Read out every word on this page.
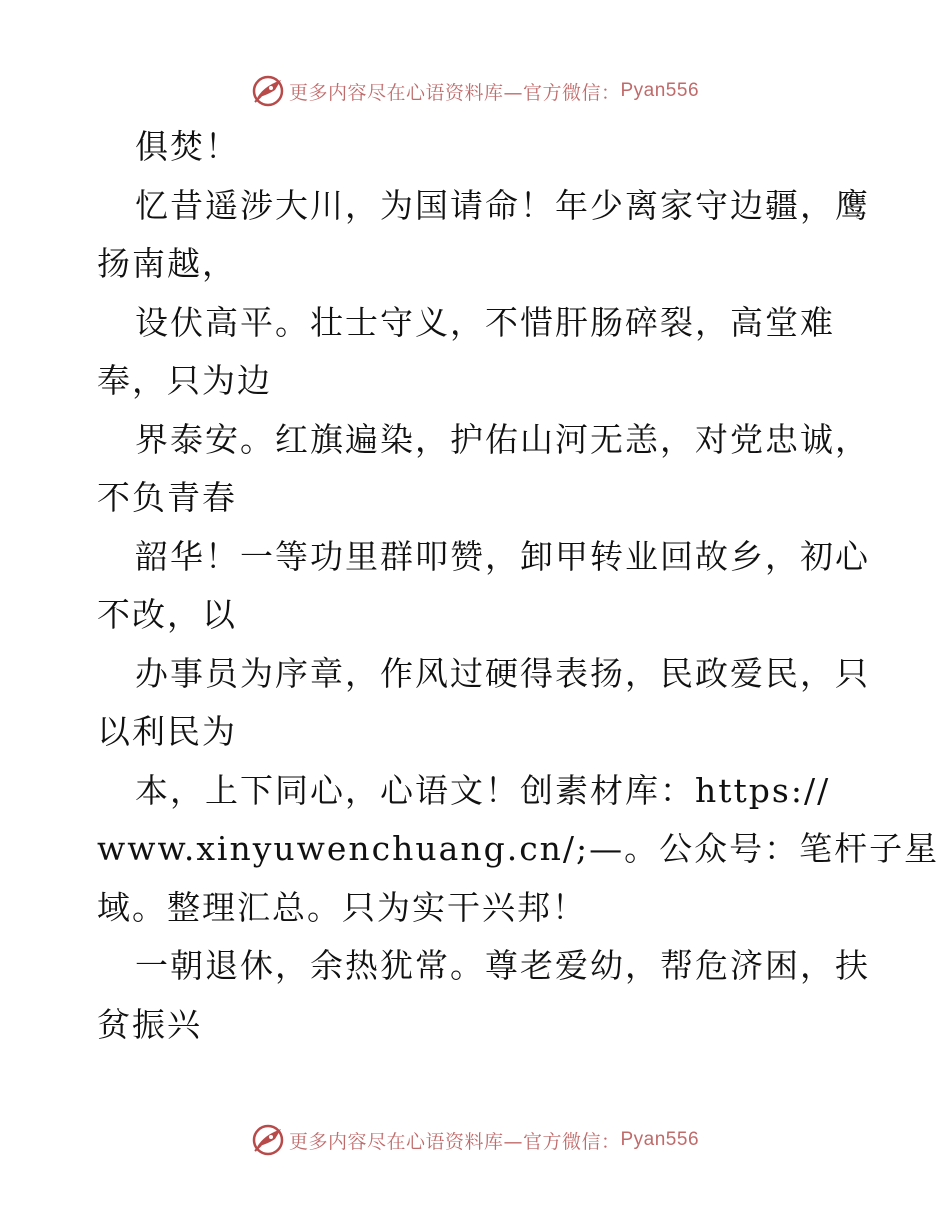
更多内容尽在心语资料库—官方微信： Pyan556
俱焚！
忆昔遥涉大川，为国请命！年少离家守边疆，鹰
扬南越，
设伏高平。壮士守义，不惜肝肠碎裂，高堂难
奉，只为边
界泰安。红旗遍染，护佑山河无恙，对党忠诚，
不负青春
韶华！一等功里群叩赞，卸甲转业回故乡，初心
不改，以
办事员为序章，作风过硬得表扬，民政爱民，只
以利民为
本，上下同心，心语文！创素材库：https://
www.xinyuwenchuang.cn/;—。公众号：笔杆子星
域。整理汇总。只为实干兴邦！
一朝退休，余热犹常。尊老爱幼，帮危济困，扶
贫振兴
更多内容尽在心语资料库—官方微信： Pyan556
